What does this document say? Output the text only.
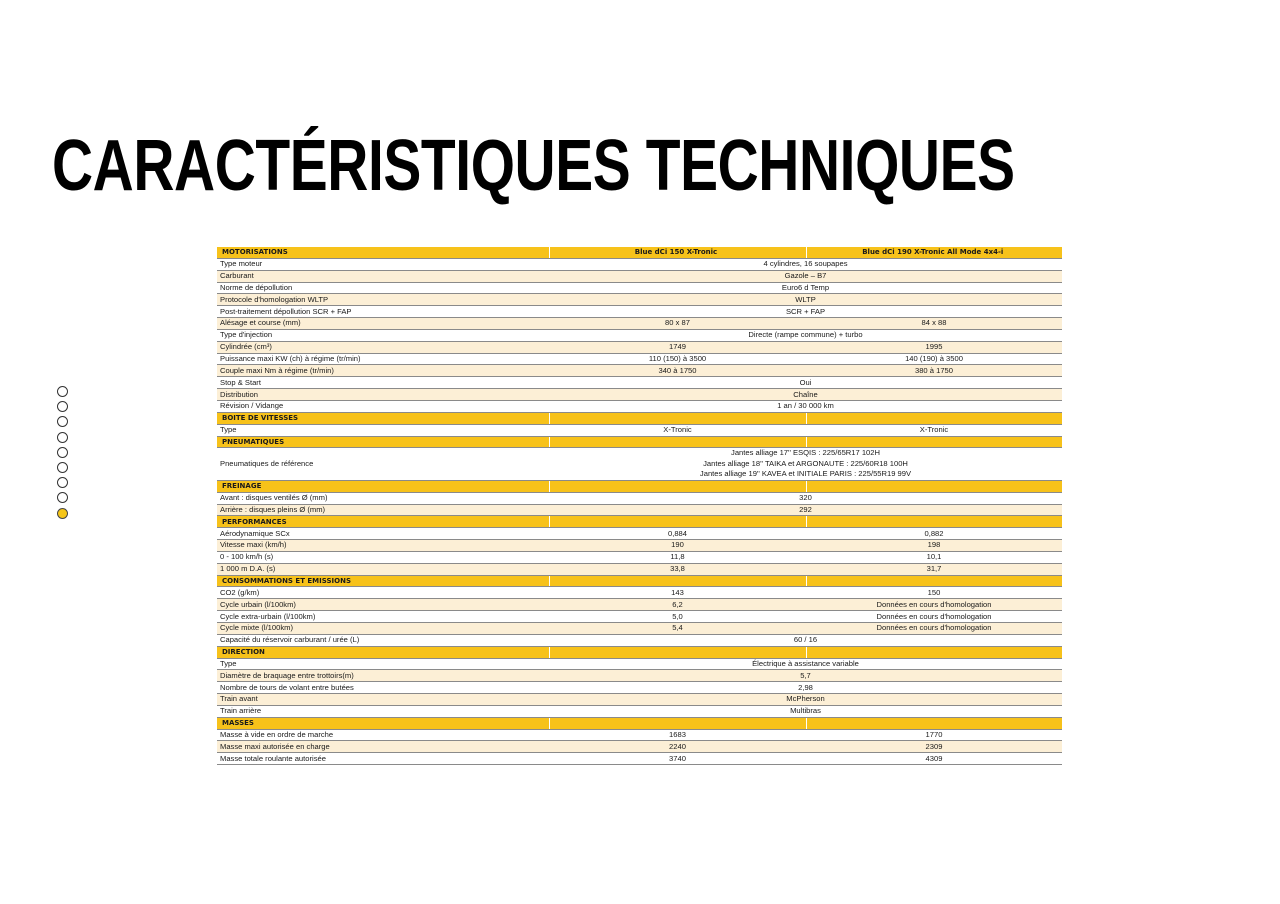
CARACTÉRISTIQUES TECHNIQUES
MOTORISATIONS	Blue dCi 150 X-Tronic	Blue dCi 190 X-Tronic All Mode 4x4-i
Type moteur	4 cylindres, 16 soupapes	
Carburant	Gazole – B7	
Norme de dépollution	Euro6 d Temp	
Protocole d'homologation WLTP	WLTP	
Post-traitement dépollution SCR + FAP	SCR + FAP	
Alésage et course (mm)	80 x 87	84 x 88
Type d'injection	Directe (rampe commune) + turbo	
Cylindrée (cm³)	1749	1995
Puissance maxi KW (ch) à régime (tr/min)	110 (150) à 3500	140 (190) à 3500
Couple maxi Nm à régime (tr/min)	340 à 1750	380 à 1750
Stop & Start	Oui	
Distribution	Chaîne	
Révision / Vidange	1 an / 30 000 km	
BOITE DE VITESSES		
Type	X-Tronic	X-Tronic
PNEUMATIQUES		
Pneumatiques de référence	Jantes alliage 17'' ESQIS : 225/65R17 102H
Jantes alliage 18'' TAIKA et ARGONAUTE : 225/60R18 100H
Jantes alliage 19'' KAVEA et INITIALE PARIS : 225/55R19 99V	

FREINAGE		
Avant : disques ventilés Ø (mm)	320	
Arrière : disques pleins Ø (mm)	292	
PERFORMANCES		
Aérodynamique SCx	0,884	0,882
Vitesse maxi (km/h)	190	198
0 - 100 km/h (s)	11,8	10,1
1 000 m D.A. (s)	33,8	31,7
CONSOMMATIONS ET EMISSIONS		
CO2 (g/km)	143	150
Cycle urbain (l/100km)	6,2	Données en cours d'homologation
Cycle extra-urbain (l/100km)	5,0	Données en cours d'homologation
Cycle mixte (l/100km)	5,4	Données en cours d'homologation
Capacité du réservoir carburant / urée (L)	60 / 16	
DIRECTION		
Type	Électrique à assistance variable	
Diamètre de braquage entre trottoirs(m)	5,7	
Nombre de tours de volant entre butées	2,98	
Train avant	McPherson	
Train arrière	Multibras	
MASSES		
Masse à vide en ordre de marche	1683	1770
Masse maxi autorisée en charge	2240	2309
Masse totale roulante autorisée	3740	4309
